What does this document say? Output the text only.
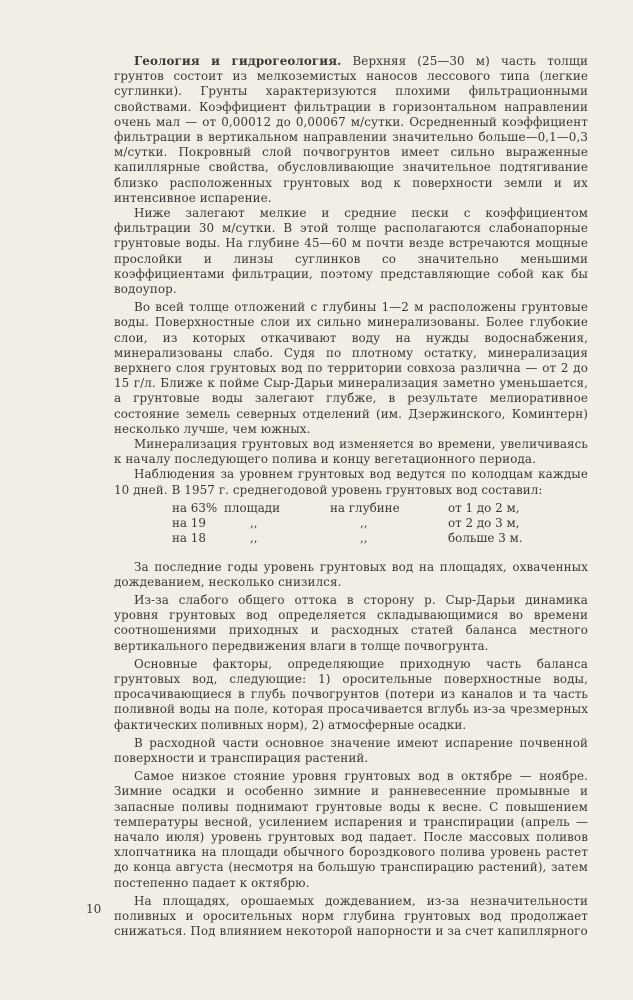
Геология и гидрогеология. Верхняя (25—30 м) часть толщи грунтов состоит из мелкоземистых наносов лессового типа (легкие суглинки). Грунты характеризуются плохими фильтрационными свойствами. Коэффициент фильтрации в горизонтальном направлении очень мал — от 0,00012 до 0,00067 м/сутки. Осредненный коэффициент фильтрации в вертикальном направлении значительно больше—0,1—0,3 м/сутки. Покровный слой почвогрунтов имеет сильно выраженные капиллярные свойства, обусловливающие значительное подтягивание близко расположенных грунтовых вод к поверхности земли и их интенсивное испарение.

Ниже залегают мелкие и средние пески с коэффициентом фильтрации 30 м/сутки. В этой толще располагаются слабонапорные грунтовые воды. На глубине 45—60 м почти везде встречаются мощные прослойки и линзы суглинков со значительно меньшими коэффициентами фильтрации, поэтому представляющие собой как бы водоупор.

Во всей толще отложений с глубины 1—2 м расположены грунтовые воды. Поверхностные слои их сильно минерализованы. Более глубокие слои, из которых откачивают воду на нужды водоснабжения, минерализованы слабо. Судя по плотному остатку, минерализация верхнего слоя грунтовых вод по территории совхоза различна — от 2 до 15 г/л. Ближе к пойме Сыр-Дарьи минерализация заметно уменьшается, а грунтовые воды залегают глубже, в результате мелиоративное состояние земель северных отделений (им. Дзержинского, Коминтерн) несколько лучше, чем южных.

Минерализация грунтовых вод изменяется во времени, увеличиваясь к началу последующего полива и концу вегетационного периода.

Наблюдения за уровнем грунтовых вод ведутся по колодцам каждые 10 дней. В 1957 г. среднегодовой уровень грунтовых вод составил:

на 63%	площади	на глубине	от 1 до 2 м,
на 19	,,	,,	от 2 до 3 м,
на 18	,,	,,	больше 3 м.

За последние годы уровень грунтовых вод на площадях, охваченных дождеванием, несколько снизился.

Из-за слабого общего оттока в сторону р. Сыр-Дарьи динамика уровня грунтовых вод определяется складывающимися во времени соотношениями приходных и расходных статей баланса местного вертикального передвижения влаги в толще почвогрунта.

Основные факторы, определяющие приходную часть баланса грунтовых вод, следующие: 1) оросительные поверхностные воды, просачивающиеся в глубь почвогрунтов (потери из каналов и та часть поливной воды на поле, которая просачивается вглубь из-за чрезмерных фактических поливных норм), 2) атмосферные осадки.

В расходной части основное значение имеют испарение почвенной поверхности и транспирация растений.

Самое низкое стояние уровня грунтовых вод в октябре — ноябре. Зимние осадки и особенно зимние и ранневесенние промывные и запасные поливы поднимают грунтовые воды к весне. С повышением температуры весной, усилением испарения и транспирации (апрель — начало июля) уровень грунтовых вод падает. После массовых поливов хлопчатника на площади обычного бороздкового полива уровень растет до конца августа (несмотря на большую транспирацию растений), затем постепенно падает к октябрю.

На площадях, орошаемых дождеванием, из-за незначительности поливных и оросительных норм глубина грунтовых вод продолжает снижаться. Под влиянием некоторой напорности и за счет капиллярного

10
